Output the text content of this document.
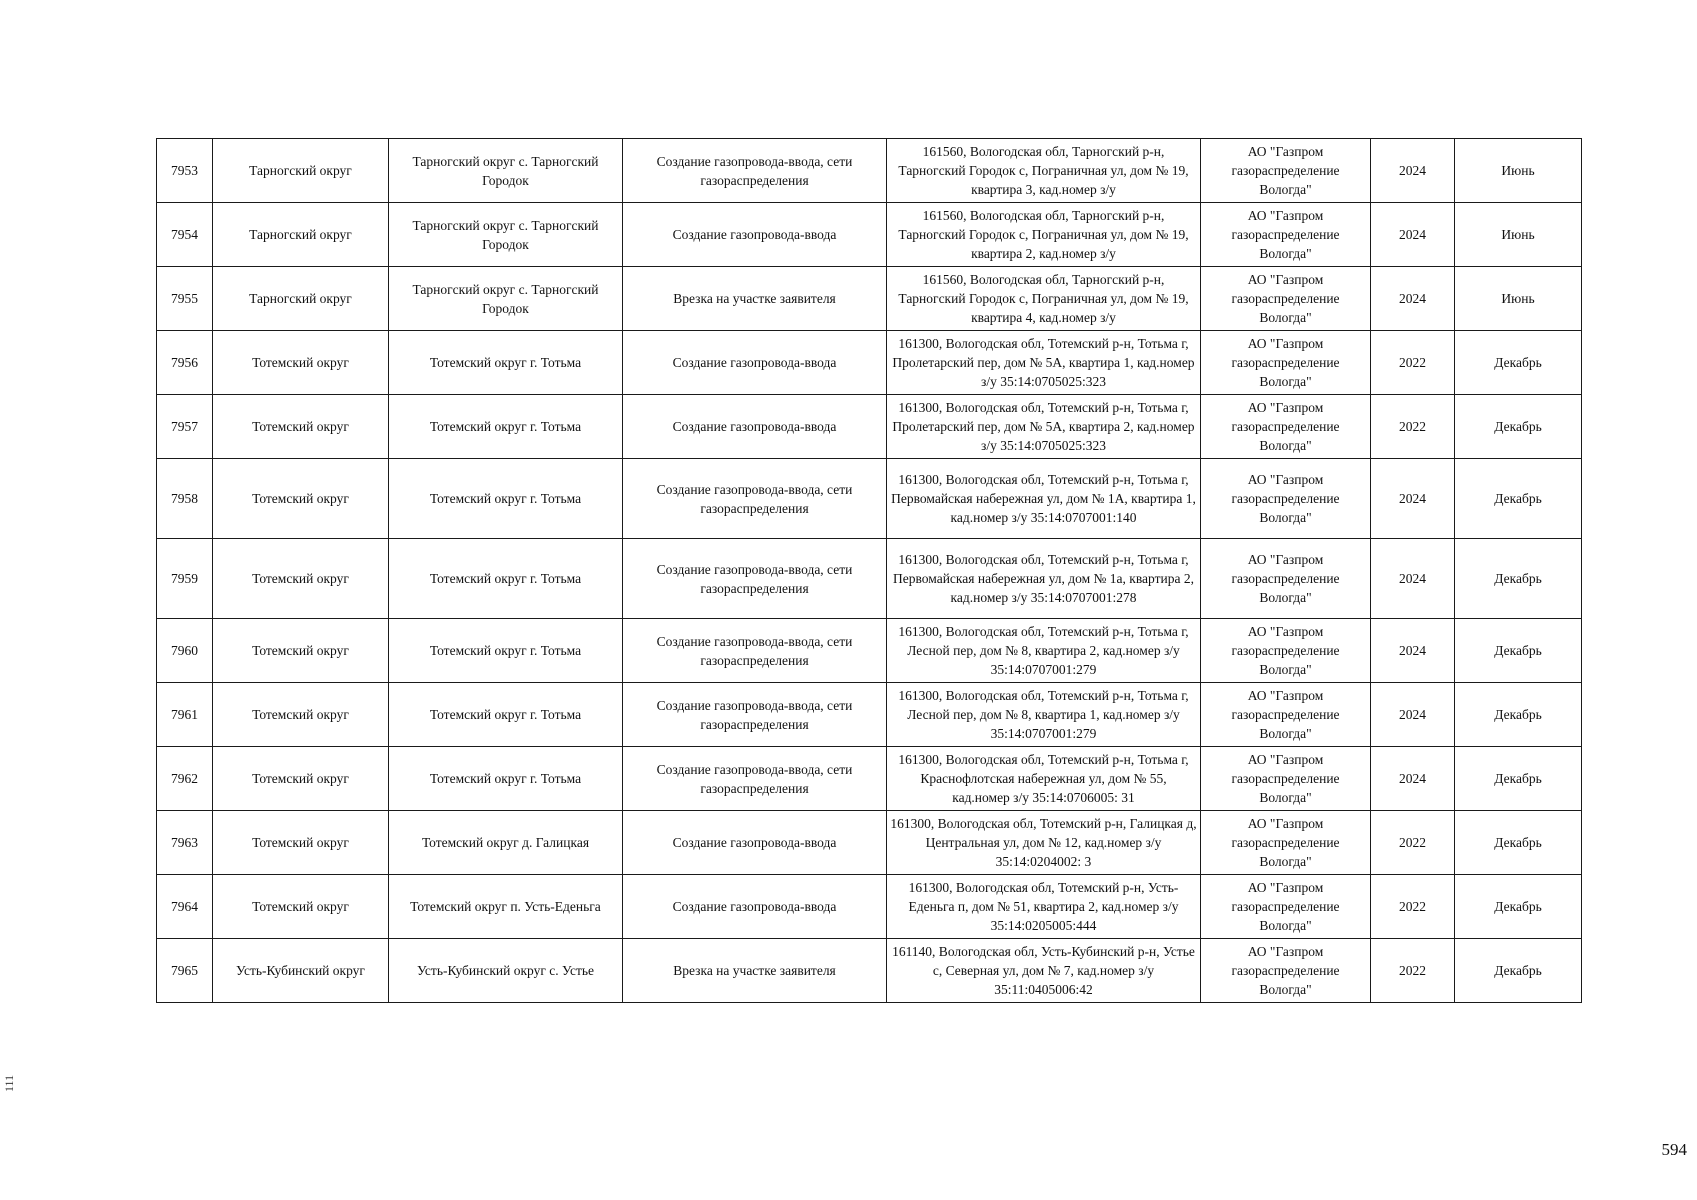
7953	Тарногский округ	Тарногский округ с. Тарногский Городок	Создание газопровода-ввода, сети газораспределения	161560, Вологодская обл, Тарногский р-н, Тарногский Городок с, Пограничная ул, дом № 19, квартира 3, кад.номер з/у	АО "Газпром газораспределение Вологда"	2024	Июнь
7954	Тарногский округ	Тарногский округ с. Тарногский Городок	Создание газопровода-ввода	161560, Вологодская обл, Тарногский р-н, Тарногский Городок с, Пограничная ул, дом № 19, квартира 2, кад.номер з/у	АО "Газпром газораспределение Вологда"	2024	Июнь
7955	Тарногский округ	Тарногский округ с. Тарногский Городок	Врезка на участке заявителя	161560, Вологодская обл, Тарногский р-н, Тарногский Городок с, Пограничная ул, дом № 19, квартира 4, кад.номер з/у	АО "Газпром газораспределение Вологда"	2024	Июнь
7956	Тотемский округ	Тотемский округ г. Тотьма	Создание газопровода-ввода	161300, Вологодская обл, Тотемский р-н, Тотьма г, Пролетарский пер, дом № 5А, квартира 1, кад.номер з/у 35:14:0705025:323	АО "Газпром газораспределение Вологда"	2022	Декабрь
7957	Тотемский округ	Тотемский округ г. Тотьма	Создание газопровода-ввода	161300, Вологодская обл, Тотемский р-н, Тотьма г, Пролетарский пер, дом № 5А, квартира 2, кад.номер з/у 35:14:0705025:323	АО "Газпром газораспределение Вологда"	2022	Декабрь
7958	Тотемский округ	Тотемский округ г. Тотьма	Создание газопровода-ввода, сети газораспределения	161300, Вологодская обл, Тотемский р-н, Тотьма г, Первомайская набережная ул, дом № 1А, квартира 1, кад.номер з/у 35:14:0707001:140	АО "Газпром газораспределение Вологда"	2024	Декабрь
7959	Тотемский округ	Тотемский округ г. Тотьма	Создание газопровода-ввода, сети газораспределения	161300, Вологодская обл, Тотемский р-н, Тотьма г, Первомайская набережная ул, дом № 1а, квартира 2, кад.номер з/у 35:14:0707001:278	АО "Газпром газораспределение Вологда"	2024	Декабрь
7960	Тотемский округ	Тотемский округ г. Тотьма	Создание газопровода-ввода, сети газораспределения	161300, Вологодская обл, Тотемский р-н, Тотьма г, Лесной пер, дом № 8, квартира 2, кад.номер з/у 35:14:0707001:279	АО "Газпром газораспределение Вологда"	2024	Декабрь
7961	Тотемский округ	Тотемский округ г. Тотьма	Создание газопровода-ввода, сети газораспределения	161300, Вологодская обл, Тотемский р-н, Тотьма г, Лесной пер, дом № 8, квартира 1, кад.номер з/у 35:14:0707001:279	АО "Газпром газораспределение Вологда"	2024	Декабрь
7962	Тотемский округ	Тотемский округ г. Тотьма	Создание газопровода-ввода, сети газораспределения	161300, Вологодская обл, Тотемский р-н, Тотьма г, Краснофлотская набережная ул, дом № 55, кад.номер з/у 35:14:0706005: 31	АО "Газпром газораспределение Вологда"	2024	Декабрь
7963	Тотемский округ	Тотемский округ д. Галицкая	Создание газопровода-ввода	161300, Вологодская обл, Тотемский р-н, Галицкая д, Центральная ул, дом № 12, кад.номер з/у 35:14:0204002: 3	АО "Газпром газораспределение Вологда"	2022	Декабрь
7964	Тотемский округ	Тотемский округ п. Усть-Еденьга	Создание газопровода-ввода	161300, Вологодская обл, Тотемский р-н, Усть-Еденьга п, дом № 51, квартира 2, кад.номер з/у 35:14:0205005:444	АО "Газпром газораспределение Вологда"	2022	Декабрь
7965	Усть-Кубинский округ	Усть-Кубинский округ с. Устье	Врезка на участке заявителя	161140, Вологодская обл, Усть-Кубинский р-н, Устье с, Северная ул, дом № 7, кад.номер з/у 35:11:0405006:42	АО "Газпром газораспределение Вологда"	2022	Декабрь
111
594
